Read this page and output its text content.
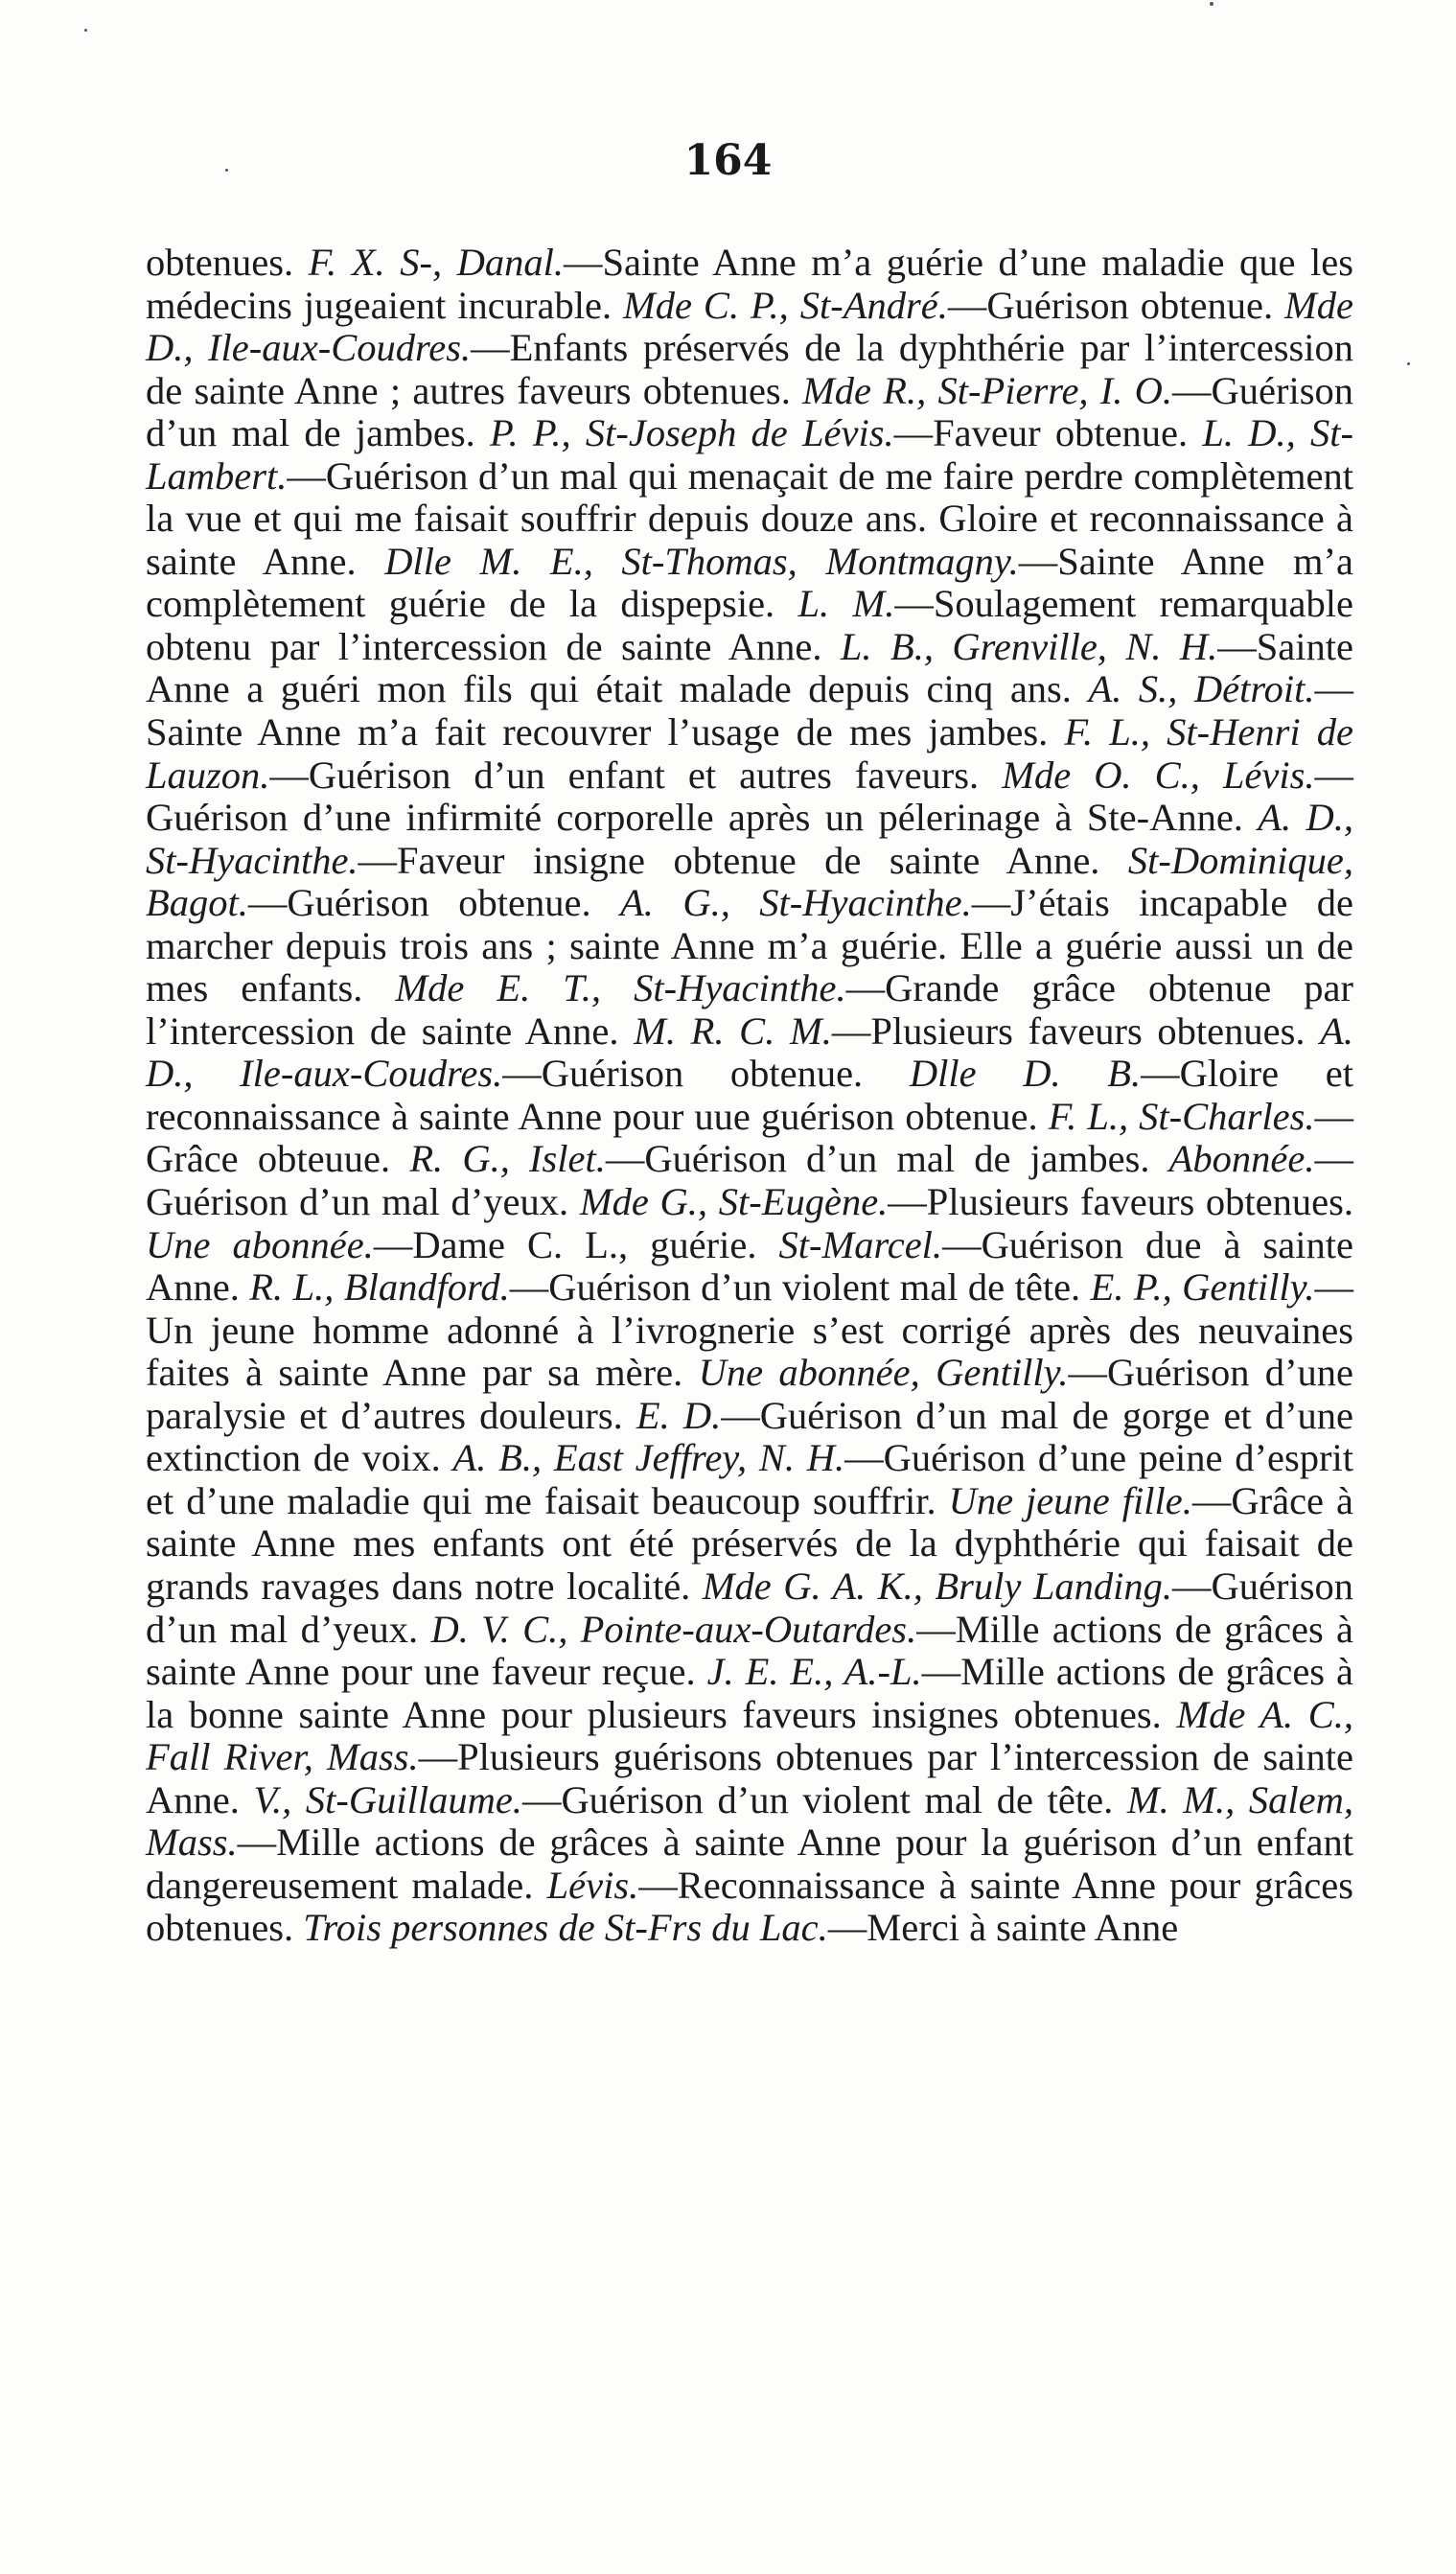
164

obtenues. F. X. S-, Danal.—Sainte Anne m’a guérie d’une maladie que les médecins jugeaient incurable. Mde C. P., St-André.—Guérison obtenue. Mde D., Ile-aux-Coudres.—Enfants préservés de la dyphthérie par l’intercession de sainte Anne ; autres faveurs obtenues. Mde R., St-Pierre, I. O.—Guérison d’un mal de jambes. P. P., St-Joseph de Lévis.—Faveur obtenue. L. D., St-Lambert.—Guérison d’un mal qui menaçait de me faire perdre complètement la vue et qui me faisait souffrir depuis douze ans. Gloire et reconnaissance à sainte Anne. Dlle M. E., St-Thomas, Montmagny.—Sainte Anne m’a complètement guérie de la dispepsie. L. M.—Soulagement remarquable obtenu par l’intercession de sainte Anne. L. B., Grenville, N. H.—Sainte Anne a guéri mon fils qui était malade depuis cinq ans. A. S., Détroit.—Sainte Anne m’a fait recouvrer l’usage de mes jambes. F. L., St-Henri de Lauzon.—Guérison d’un enfant et autres faveurs. Mde O. C., Lévis.—Guérison d’une infirmité corporelle après un pélerinage à Ste-Anne. A. D., St-Hyacinthe.—Faveur insigne obtenue de sainte Anne. St-Dominique, Bagot.—Guérison obtenue. A. G., St-Hyacinthe.—J’étais incapable de marcher depuis trois ans ; sainte Anne m’a guérie. Elle a guérie aussi un de mes enfants. Mde E. T., St-Hyacinthe.—Grande grâce obtenue par l’intercession de sainte Anne. M. R. C. M.—Plusieurs faveurs obtenues. A. D., Ile-aux-Coudres.—Guérison obtenue. Dlle D. B.—Gloire et reconnaissance à sainte Anne pour uue guérison obtenue. F. L., St-Charles.—Grâce obteuue. R. G., Islet.—Guérison d’un mal de jambes. Abonnée.—Guérison d’un mal d’yeux. Mde G., St-Eugène.—Plusieurs faveurs obtenues. Une abonnée.—Dame C. L., guérie. St-Marcel.—Guérison due à sainte Anne. R. L., Blandford.—Guérison d’un violent mal de tête. E. P., Gentilly.—Un jeune homme adonné à l’ivrognerie s’est corrigé après des neuvaines faites à sainte Anne par sa mère. Une abonnée, Gentilly.—Guérison d’une paralysie et d’autres douleurs. E. D.—Guérison d’un mal de gorge et d’une extinction de voix. A. B., East Jeffrey, N. H.—Guérison d’une peine d’esprit et d’une maladie qui me faisait beaucoup souffrir. Une jeune fille.—Grâce à sainte Anne mes enfants ont été préservés de la dyphthérie qui faisait de grands ravages dans notre localité. Mde G. A. K., Bruly Landing.—Guérison d’un mal d’yeux. D. V. C., Pointe-aux-Outardes.—Mille actions de grâces à sainte Anne pour une faveur reçue. J. E. E., A.-L.—Mille actions de grâces à la bonne sainte Anne pour plusieurs faveurs insignes obtenues. Mde A. C., Fall River, Mass.—Plusieurs guérisons obtenues par l’intercession de sainte Anne. V., St-Guillaume.—Guérison d’un violent mal de tête. M. M., Salem, Mass.—Mille actions de grâces à sainte Anne pour la guérison d’un enfant dangereusement malade. Lévis.—Reconnaissance à sainte Anne pour grâces obtenues. Trois personnes de St-Frs du Lac.—Merci à sainte Anne
